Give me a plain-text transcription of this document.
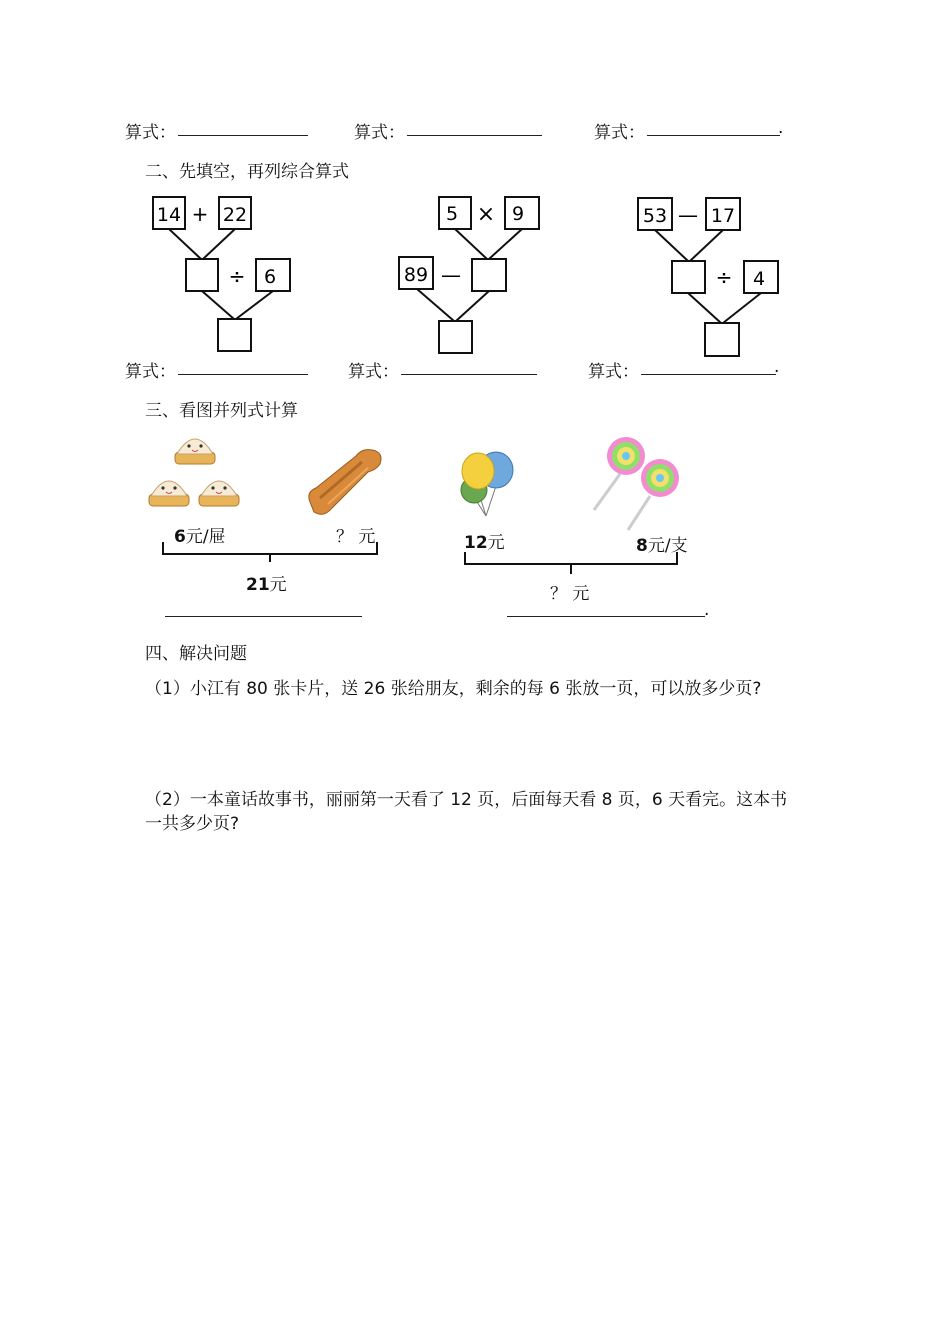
算式：	算式：	算式：	.
二、先填空，再列综合算式
14 + 22
÷ 6
5 × 9
89 —
53 — 17
÷ 4
算式：	算式：	算式：	.
三、看图并列式计算
6元/屉	？ 元
21元
12元	8元/支
？ 元
.
四、解决问题
（1）小江有 80 张卡片，送 26 张给朋友，剩余的每 6 张放一页，可以放多少页?
（2）一本童话故事书，丽丽第一天看了 12 页，后面每天看 8 页，6 天看完。这本书
一共多少页?
